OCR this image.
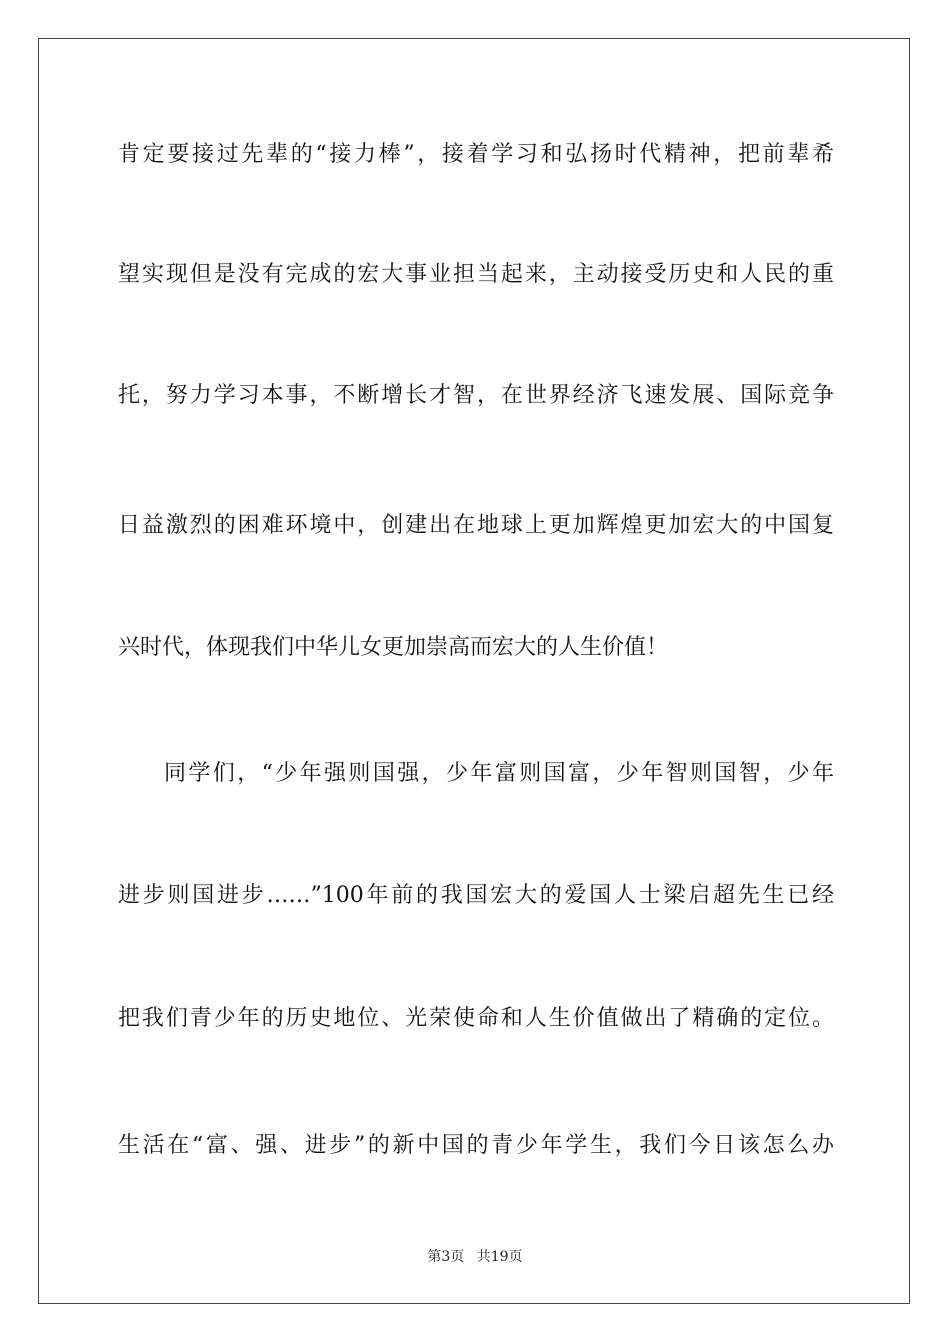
肯定要接过先辈的“接力棒”，接着学习和弘扬时代精神，把前辈希
望实现但是没有完成的宏大事业担当起来，主动接受历史和人民的重
托，努力学习本事，不断增长才智，在世界经济飞速发展、国际竞争
日益激烈的困难环境中，创建出在地球上更加辉煌更加宏大的中国复
兴时代，体现我们中华儿女更加崇高而宏大的人生价值！
同学们，“少年强则国强，少年富则国富，少年智则国智，少年
进步则国进步……”100年前的我国宏大的爱国人士梁启超先生已经
把我们青少年的历史地位、光荣使命和人生价值做出了精确的定位。
生活在“富、强、进步”的新中国的青少年学生，我们今日该怎么办
第3页 共19页
